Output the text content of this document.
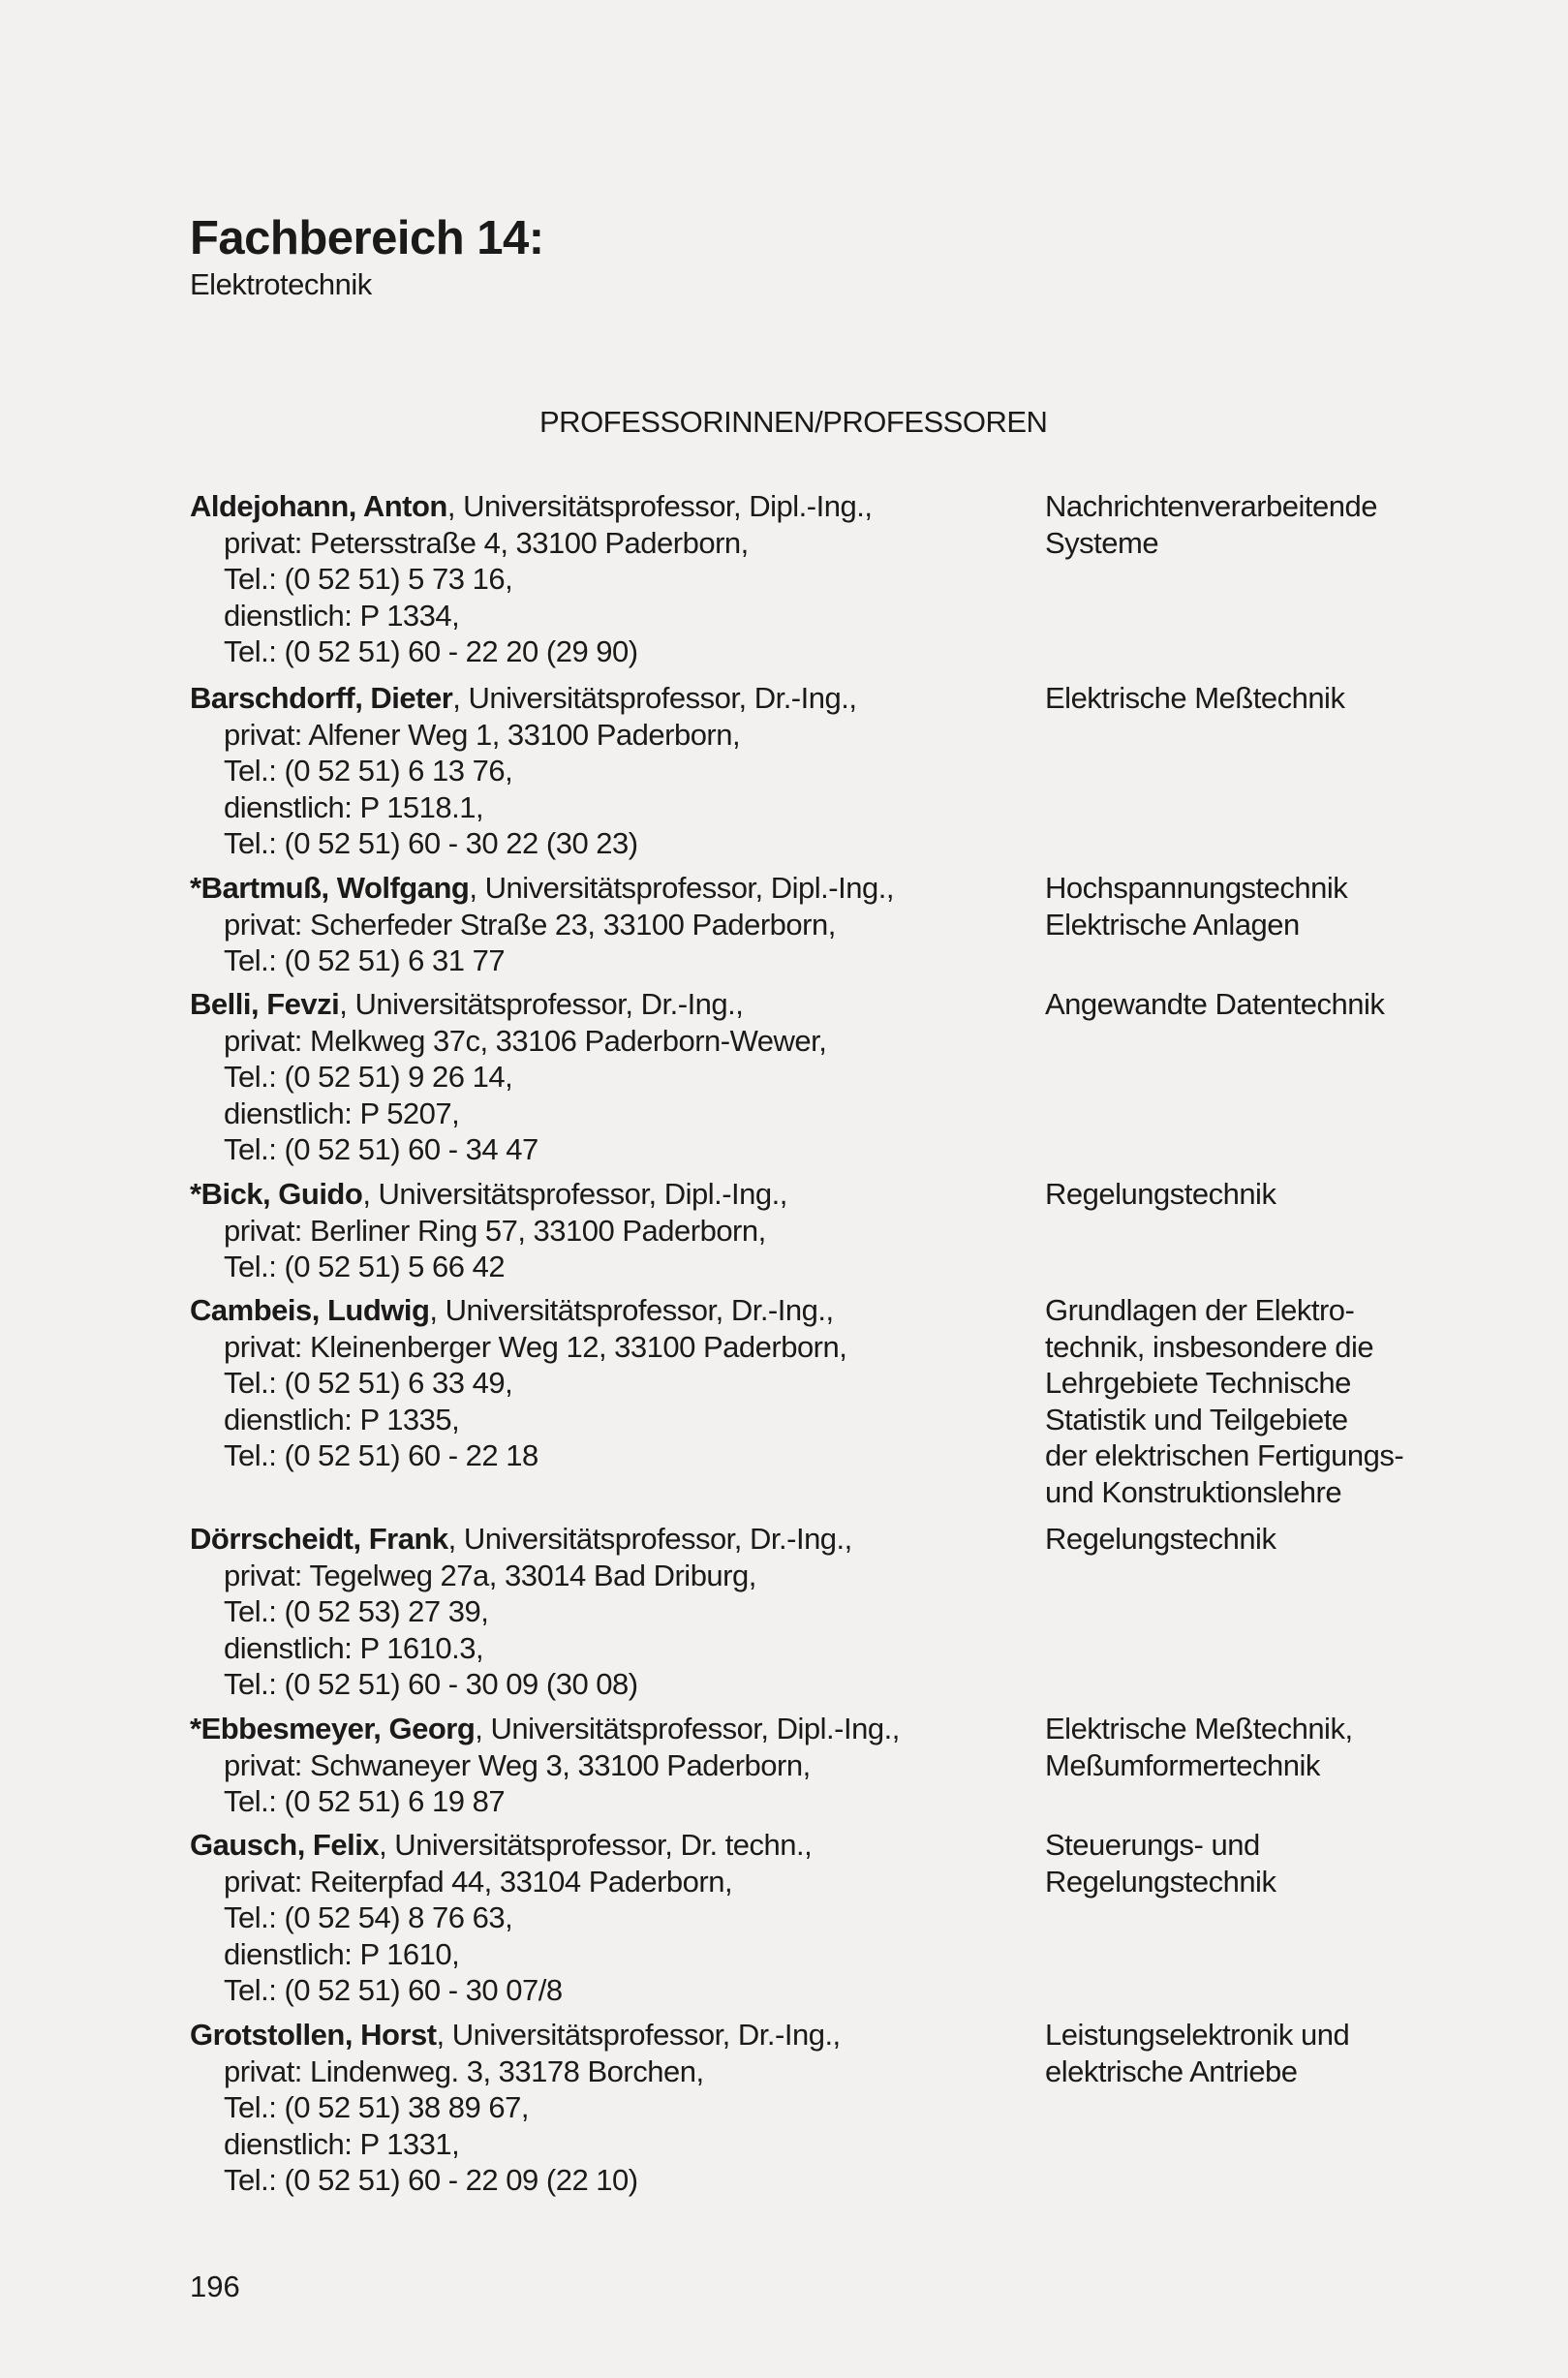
Fachbereich 14:
Elektrotechnik
PROFESSORINNEN/PROFESSOREN
Aldejohann, Anton, Universitätsprofessor, Dipl.-Ing.,
privat: Petersstraße 4, 33100 Paderborn,
Tel.: (0 52 51) 5 73 16,
dienstlich: P 1334,
Tel.: (0 52 51) 60 - 22 20 (29 90)
Nachrichtenverarbeitende
Systeme
Barschdorff, Dieter, Universitätsprofessor, Dr.-Ing.,
privat: Alfener Weg 1, 33100 Paderborn,
Tel.: (0 52 51) 6 13 76,
dienstlich: P 1518.1,
Tel.: (0 52 51) 60 - 30 22 (30 23)
Elektrische Meßtechnik
*Bartmuß, Wolfgang, Universitätsprofessor, Dipl.-Ing.,
privat: Scherfeder Straße 23, 33100 Paderborn,
Tel.: (0 52 51) 6 31 77
Hochspannungstechnik
Elektrische Anlagen
Belli, Fevzi, Universitätsprofessor, Dr.-Ing.,
privat: Melkweg 37c, 33106 Paderborn-Wewer,
Tel.: (0 52 51) 9 26 14,
dienstlich: P 5207,
Tel.: (0 52 51) 60 - 34 47
Angewandte Datentechnik
*Bick, Guido, Universitätsprofessor, Dipl.-Ing.,
privat: Berliner Ring 57, 33100 Paderborn,
Tel.: (0 52 51) 5 66 42
Regelungstechnik
Cambeis, Ludwig, Universitätsprofessor, Dr.-Ing.,
privat: Kleinenberger Weg 12, 33100 Paderborn,
Tel.: (0 52 51) 6 33 49,
dienstlich: P 1335,
Tel.: (0 52 51) 60 - 22 18
Grundlagen der Elektro-
technik, insbesondere die
Lehrgebiete Technische
Statistik und Teilgebiete
der elektrischen Fertigungs-
und Konstruktionslehre
Dörrscheidt, Frank, Universitätsprofessor, Dr.-Ing.,
privat: Tegelweg 27a, 33014 Bad Driburg,
Tel.: (0 52 53) 27 39,
dienstlich: P 1610.3,
Tel.: (0 52 51) 60 - 30 09 (30 08)
Regelungstechnik
*Ebbesmeyer, Georg, Universitätsprofessor, Dipl.-Ing.,
privat: Schwaneyer Weg 3, 33100 Paderborn,
Tel.: (0 52 51) 6 19 87
Elektrische Meßtechnik,
Meßumformertechnik
Gausch, Felix, Universitätsprofessor, Dr. techn.,
privat: Reiterpfad 44, 33104 Paderborn,
Tel.: (0 52 54) 8 76 63,
dienstlich: P 1610,
Tel.: (0 52 51) 60 - 30 07/8
Steuerungs- und
Regelungstechnik
Grotstollen, Horst, Universitätsprofessor, Dr.-Ing.,
privat: Lindenweg. 3, 33178 Borchen,
Tel.: (0 52 51) 38 89 67,
dienstlich: P 1331,
Tel.: (0 52 51) 60 - 22 09 (22 10)
Leistungselektronik und
elektrische Antriebe
196
